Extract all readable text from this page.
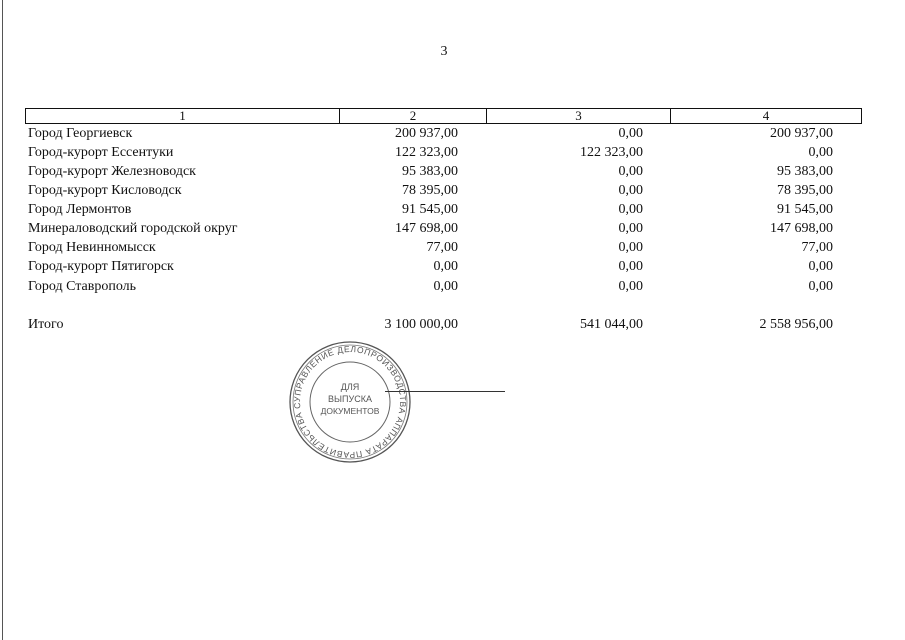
3
1	2	3	4
Город Георгиевск	200 937,00	0,00	200 937,00
Город-курорт Ессентуки	122 323,00	122 323,00	0,00
Город-курорт Железноводск	95 383,00	0,00	95 383,00
Город-курорт Кисловодск	78 395,00	0,00	78 395,00
Город Лермонтов	91 545,00	0,00	91 545,00
Минераловодский городской округ	147 698,00	0,00	147 698,00
Город Невинномысск	77,00	0,00	77,00
Город-курорт Пятигорск	0,00	0,00	0,00
Город Ставрополь	0,00	0,00	0,00
Итого	3 100 000,00	541 044,00	2 558 956,00
УПРАВЛЕНИЕ ДЕЛОПРОИЗВОД ТВА АППАРАТА ПРАВИТЕЛЬСТВА С
ДЛЯ
ВЫПУСКА
ДОКУМЕНТОВ
